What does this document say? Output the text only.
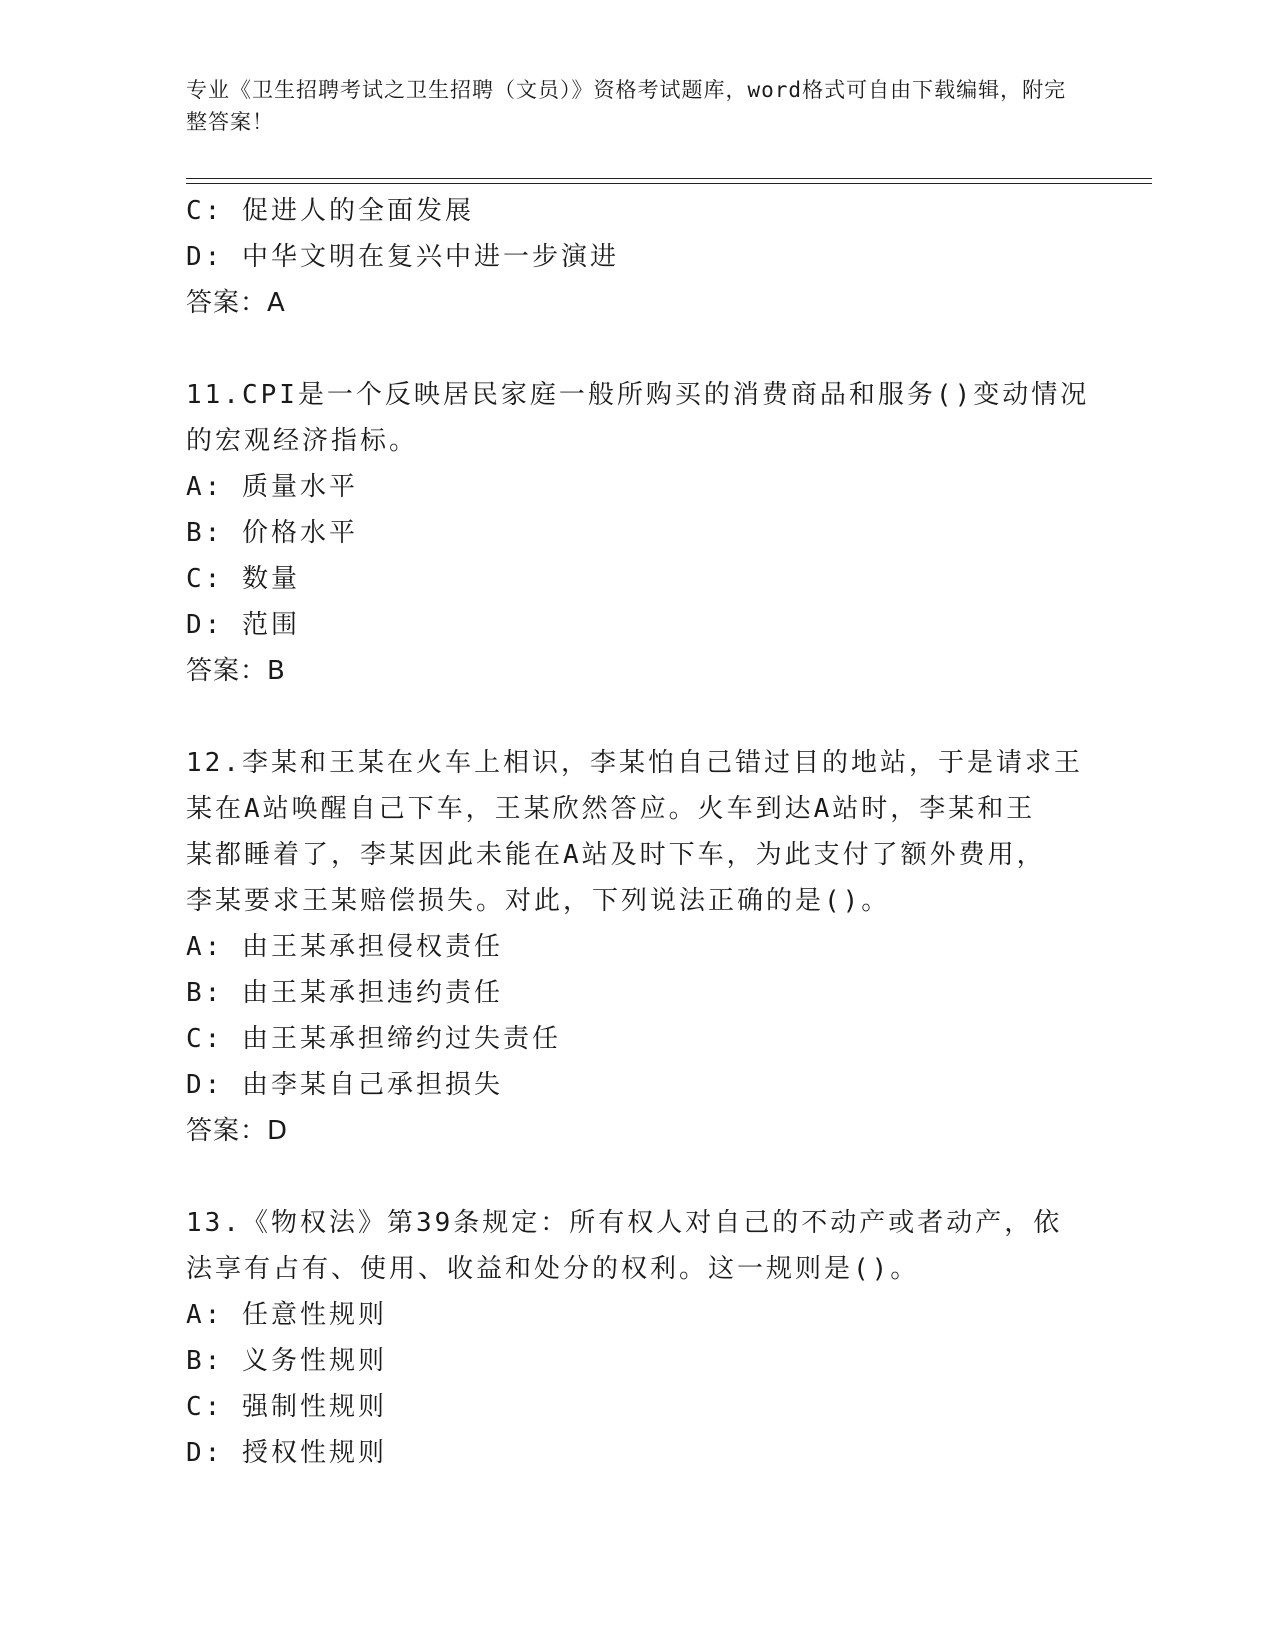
专业《卫生招聘考试之卫生招聘（文员）》资格考试题库，word格式可自由下载编辑，附完整答案！
C: 促进人的全面发展
D: 中华文明在复兴中进一步演进
答案：A
11.CPI是一个反映居民家庭一般所购买的消费商品和服务()变动情况
的宏观经济指标。
A: 质量水平
B: 价格水平
C: 数量
D: 范围
答案：B
12.李某和王某在火车上相识，李某怕自己错过目的地站，于是请求王
某在A站唤醒自己下车，王某欣然答应。火车到达A站时，李某和王
某都睡着了，李某因此未能在A站及时下车，为此支付了额外费用，
李某要求王某赔偿损失。对此，下列说法正确的是()。
A: 由王某承担侵权责任
B: 由王某承担违约责任
C: 由王某承担缔约过失责任
D: 由李某自己承担损失
答案：D
13.《物权法》第39条规定：所有权人对自己的不动产或者动产，依
法享有占有、使用、收益和处分的权利。这一规则是()。
A: 任意性规则
B: 义务性规则
C: 强制性规则
D: 授权性规则
